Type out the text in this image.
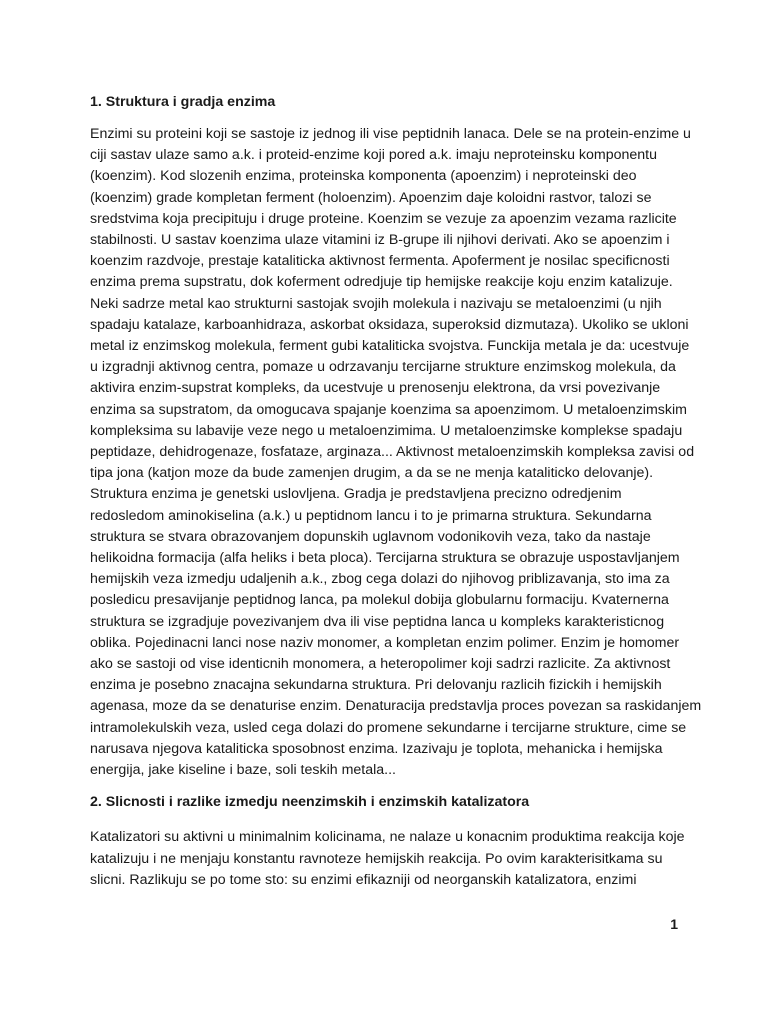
1. Struktura i gradja enzima
Enzimi su proteini koji se sastoje iz jednog ili vise peptidnih lanaca. Dele se na protein-enzime u
ciji sastav ulaze samo a.k. i proteid-enzime koji pored a.k. imaju neproteinsku komponentu
(koenzim). Kod slozenih enzima, proteinska komponenta (apoenzim) i neproteinski deo
(koenzim) grade kompletan ferment (holoenzim). Apoenzim daje koloidni rastvor, talozi se
sredstvima koja precipituju i druge proteine. Koenzim se vezuje za apoenzim vezama razlicite
stabilnosti. U sastav koenzima ulaze vitamini iz B-grupe ili njihovi derivati. Ako se apoenzim i
koenzim razdvoje, prestaje kataliticka aktivnost fermenta. Apoferment je nosilac specificnosti
enzima prema supstratu, dok koferment odredjuje tip hemijske reakcije koju enzim katalizuje.
Neki sadrze metal kao strukturni sastojak svojih molekula i nazivaju se metaloenzimi (u njih
spadaju katalaze, karboanhidraza, askorbat oksidaza, superoksid dizmutaza). Ukoliko se ukloni
metal iz enzimskog molekula, ferment gubi kataliticka svojstva. Funckija metala je da: ucestvuje
u izgradnji aktivnog centra, pomaze u odrzavanju tercijarne strukture enzimskog molekula, da
aktivira enzim-supstrat kompleks, da ucestvuje u prenosenju elektrona, da vrsi povezivanje
enzima sa supstratom, da omogucava spajanje koenzima sa apoenzimom. U metaloenzimskim
kompleksima su labavije veze nego u metaloenzimima. U metaloenzimske komplekse spadaju
peptidaze, dehidrogenaze, fosfataze, arginaza... Aktivnost metaloenzimskih kompleksa zavisi od
tipa jona (katjon moze da bude zamenjen drugim, a da se ne menja kataliticko delovanje).
Struktura enzima je genetski uslovljena. Gradja je predstavljena precizno odredjenim
redosledom aminokiselina (a.k.) u peptidnom lancu i to je primarna struktura. Sekundarna
struktura se stvara obrazovanjem dopunskih uglavnom vodonikovih veza, tako da nastaje
helikoidna formacija (alfa heliks i beta ploca). Tercijarna struktura se obrazuje uspostavljanjem
hemijskih veza izmedju udaljenih a.k., zbog cega dolazi do njihovog priblizavanja, sto ima za
posledicu presavijanje peptidnog lanca, pa molekul dobija globularnu formaciju. Kvaternerna
struktura se izgradjuje povezivanjem dva ili vise peptidna lanca u kompleks karakteristicnog
oblika. Pojedinacni lanci nose naziv monomer, a kompletan enzim polimer. Enzim je homomer
ako se sastoji od vise identicnih monomera, a heteropolimer koji sadrzi razlicite. Za aktivnost
enzima je posebno znacajna sekundarna struktura. Pri delovanju razlicih fizickih i hemijskih
agenasa, moze da se denaturise enzim. Denaturacija predstavlja proces povezan sa raskidanjem
intramolekulskih veza, usled cega dolazi do promene sekundarne i tercijarne strukture, cime se
narusava njegova kataliticka sposobnost enzima. Izazivaju je toplota, mehanicka i hemijska
energija, jake kiseline i baze, soli teskih metala...
2. Slicnosti i razlike izmedju neenzimskih i enzimskih katalizatora
Katalizatori su aktivni u minimalnim kolicinama, ne nalaze u konacnim produktima reakcija koje
katalizuju i ne menjaju konstantu ravnoteze hemijskih reakcija. Po ovim karakterisitkama su
slicni. Razlikuju se po tome sto: su enzimi efikazniji od neorganskih katalizatora, enzimi
1
